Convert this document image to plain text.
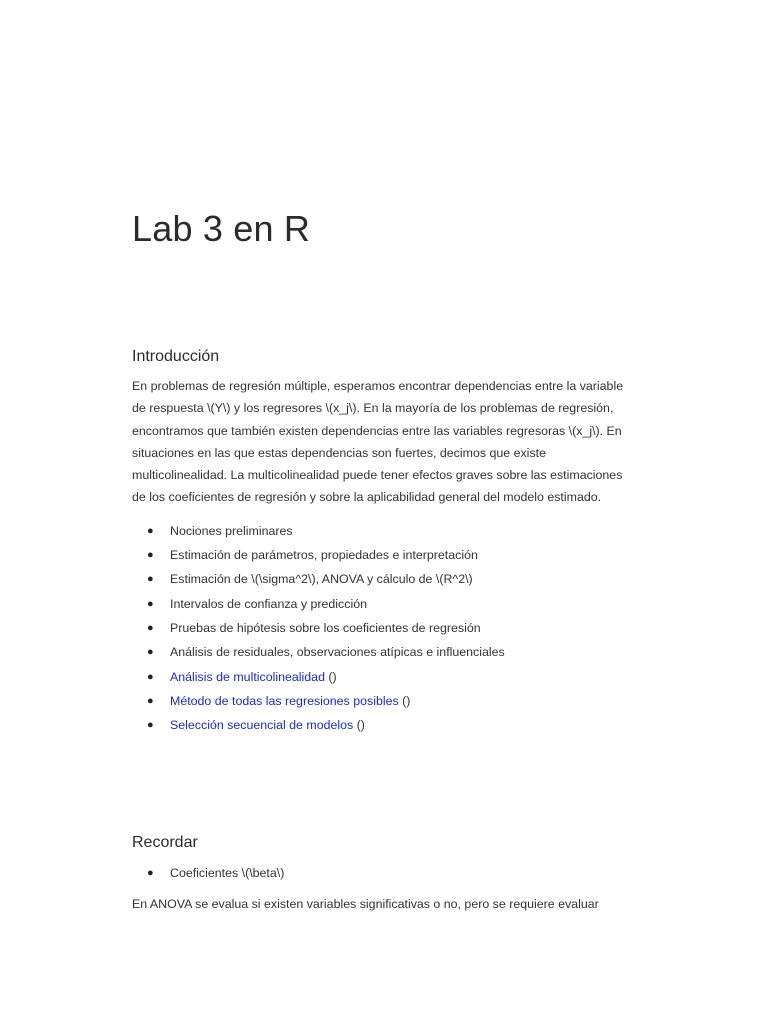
Lab 3 en R
Introducción

En problemas de regresión múltiple, esperamos encontrar dependencias entre la variable de respuesta \(Y\) y los regresores \(x_j\). En la mayoría de los problemas de regresión, encontramos que también existen dependencias entre las variables regresoras \(x_j\). En situaciones en las que estas dependencias son fuertes, decimos que existe multicolinealidad. La multicolinealidad puede tener efectos graves sobre las estimaciones de los coeficientes de regresión y sobre la aplicabilidad general del modelo estimado.

● Nociones preliminares
● Estimación de parámetros, propiedades e interpretación
● Estimación de \(\sigma^2\), ANOVA y cálculo de \(R^2\)
● Intervalos de confianza y predicción
● Pruebas de hipótesis sobre los coeficientes de regresión
● Análisis de residuales, observaciones atípicas e influenciales
● Análisis de multicolinealidad ()
● Método de todas las regresiones posibles ()
● Selección secuencial de modelos ()
Recordar
● Coeficientes \(\beta\)

En ANOVA se evalua si existen variables significativas o no, pero se requiere evaluar
